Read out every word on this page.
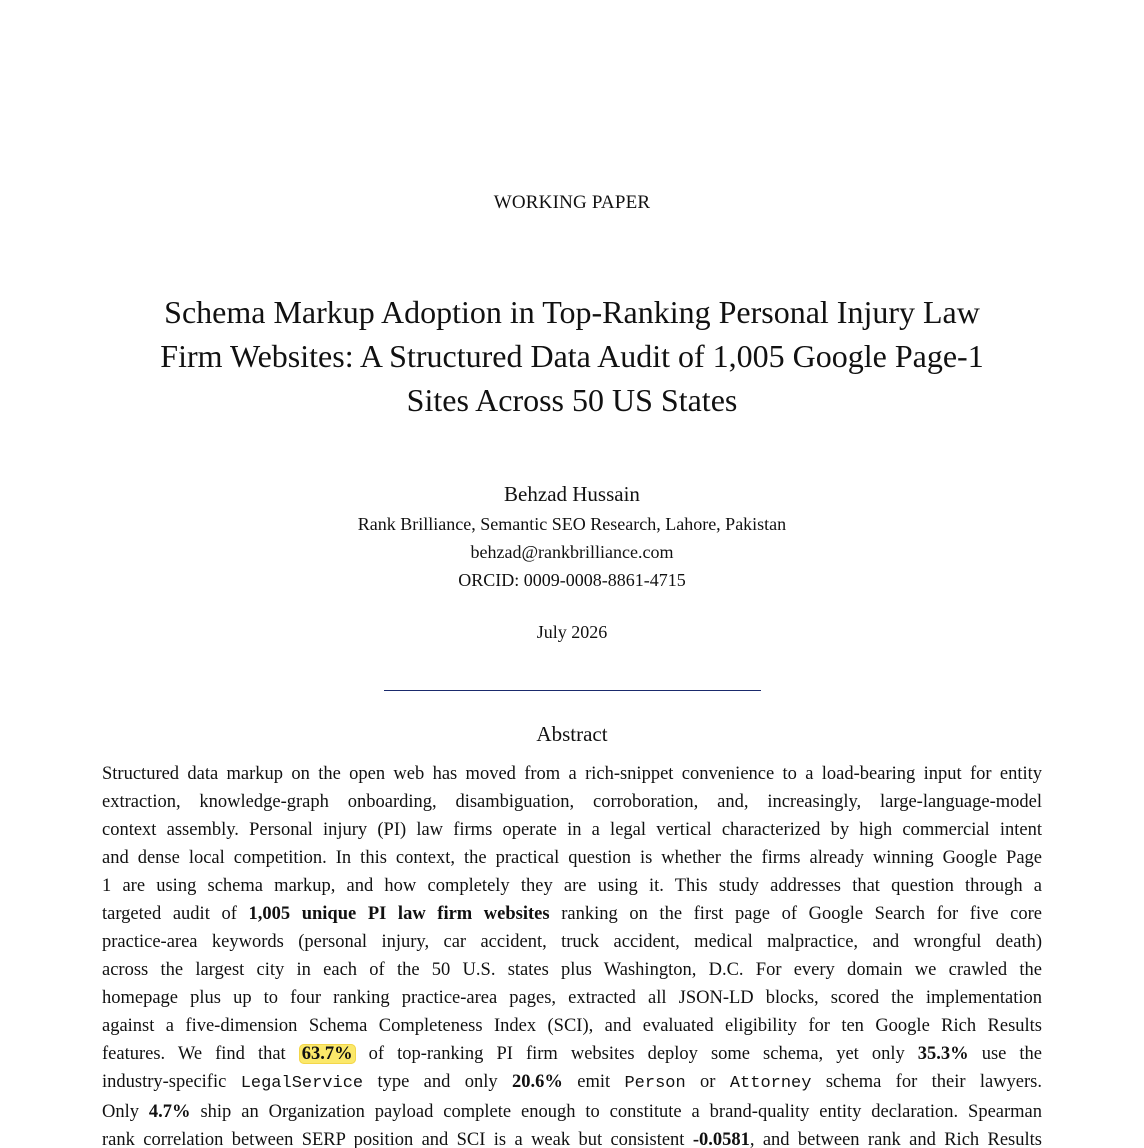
WORKING PAPER
Schema Markup Adoption in Top-Ranking Personal Injury Law
Firm Websites: A Structured Data Audit of 1,005 Google Page-1
Sites Across 50 US States
Behzad Hussain
Rank Brilliance, Semantic SEO Research, Lahore, Pakistan
behzad@rankbrilliance.com
ORCID: 0009-0008-8861-4715
July 2026
Abstract
Structured data markup on the open web has moved from a rich-snippet convenience to a load-bearing input for entity
extraction, knowledge-graph onboarding, disambiguation, corroboration, and, increasingly, large-language-model
context assembly. Personal injury (PI) law firms operate in a legal vertical characterized by high commercial intent
and dense local competition. In this context, the practical question is whether the firms already winning Google Page
1 are using schema markup, and how completely they are using it. This study addresses that question through a
targeted audit of 1,005 unique PI law firm websites ranking on the first page of Google Search for five core
practice-area keywords (personal injury, car accident, truck accident, medical malpractice, and wrongful death)
across the largest city in each of the 50 U.S. states plus Washington, D.C. For every domain we crawled the
homepage plus up to four ranking practice-area pages, extracted all JSON-LD blocks, scored the implementation
against a five-dimension Schema Completeness Index (SCI), and evaluated eligibility for ten Google Rich Results
features. We find that 63.7% of top-ranking PI firm websites deploy some schema, yet only 35.3% use the
industry-specific LegalService type and only 20.6% emit Person or Attorney schema for their lawyers.
Only 4.7% ship an Organization payload complete enough to constitute a brand-quality entity declaration. Spearman
rank correlation between SERP position and SCI is a weak but consistent -0.0581, and between rank and Rich Results
